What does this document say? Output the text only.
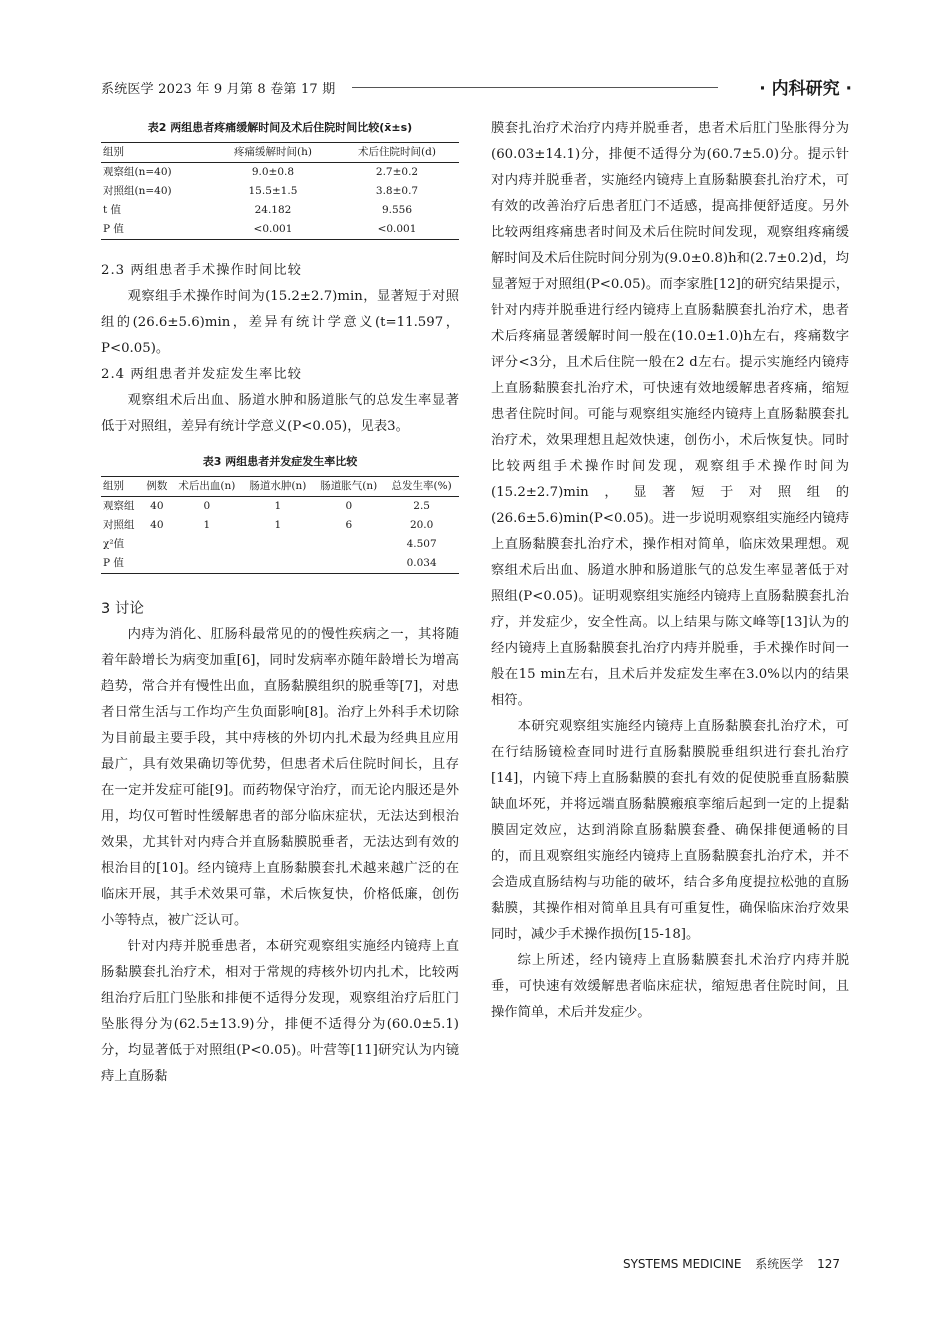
系统医学 2023 年 9 月第 8 卷第 17 期	· 内科研究 ·
表2 两组患者疼痛缓解时间及术后住院时间比较(x̄±s)
组别	疼痛缓解时间(h)	术后住院时间(d)
观察组(n=40)	9.0±0.8	2.7±0.2
对照组(n=40)	15.5±1.5	3.8±0.7
t 值	24.182	9.556
P 值	<0.001	<0.001
2.3 两组患者手术操作时间比较

观察组手术操作时间为(15.2±2.7)min，显著短于对照组的(26.6±5.6)min，差异有统计学意义(t=11.597，P<0.05)。

2.4 两组患者并发症发生率比较

观察组术后出血、肠道水肿和肠道胀气的总发生率显著低于对照组，差异有统计学意义(P<0.05)，见表3。

表3 两组患者并发症发生率比较
组别	例数	术后出血(n)	肠道水肿(n)	肠道胀气(n)	总发生率(%)
观察组	40	0	1	0	2.5
对照组	40	1	1	6	20.0
χ²值					4.507
P 值					0.034
3 讨论

内痔为消化、肛肠科最常见的的慢性疾病之一，其将随着年龄增长为病变加重[6]，同时发病率亦随年龄增长为增高趋势，常合并有慢性出血，直肠黏膜组织的脱垂等[7]，对患者日常生活与工作均产生负面影响[8]。治疗上外科手术切除为目前最主要手段，其中痔核的外切内扎术最为经典且应用最广，具有效果确切等优势，但患者术后住院时间长，且存在一定并发症可能[9]。而药物保守治疗，而无论内服还是外用，均仅可暂时性缓解患者的部分临床症状，无法达到根治效果，尤其针对内痔合并直肠黏膜脱垂者，无法达到有效的根治目的[10]。经内镜痔上直肠黏膜套扎术越来越广泛的在临床开展，其手术效果可靠，术后恢复快，价格低廉，创伤小等特点，被广泛认可。

针对内痔并脱垂患者，本研究观察组实施经内镜痔上直肠黏膜套扎治疗术，相对于常规的痔核外切内扎术，比较两组治疗后肛门坠胀和排便不适得分发现，观察组治疗后肛门坠胀得分为(62.5±13.9)分，排便不适得分为(60.0±5.1)分，均显著低于对照组(P<0.05)。叶营等[11]研究认为内镜痔上直肠黏

膜套扎治疗术治疗内痔并脱垂者，患者术后肛门坠胀得分为(60.03±14.1)分，排便不适得分为(60.7±5.0)分。提示针对内痔并脱垂者，实施经内镜痔上直肠黏膜套扎治疗术，可有效的改善治疗后患者肛门不适感，提高排便舒适度。另外比较两组疼痛患者时间及术后住院时间发现，观察组疼痛缓解时间及术后住院时间分别为(9.0±0.8)h和(2.7±0.2)d，均显著短于对照组(P<0.05)。而李家胜[12]的研究结果提示，针对内痔并脱垂进行经内镜痔上直肠黏膜套扎治疗术，患者术后疼痛显著缓解时间一般在(10.0±1.0)h左右，疼痛数字评分<3分，且术后住院一般在2 d左右。提示实施经内镜痔上直肠黏膜套扎治疗术，可快速有效地缓解患者疼痛，缩短患者住院时间。可能与观察组实施经内镜痔上直肠黏膜套扎治疗术，效果理想且起效快速，创伤小，术后恢复快。同时比较两组手术操作时间发现，观察组手术操作时间为(15.2±2.7)min，显著短于对照组的(26.6±5.6)min(P<0.05)。进一步说明观察组实施经内镜痔上直肠黏膜套扎治疗术，操作相对简单，临床效果理想。观察组术后出血、肠道水肿和肠道胀气的总发生率显著低于对照组(P<0.05)。证明观察组实施经内镜痔上直肠黏膜套扎治疗，并发症少，安全性高。以上结果与陈文峰等[13]认为的经内镜痔上直肠黏膜套扎治疗内痔并脱垂，手术操作时间一般在15 min左右，且术后并发症发生率在3.0%以内的结果相符。

本研究观察组实施经内镜痔上直肠黏膜套扎治疗术，可在行结肠镜检查同时进行直肠黏膜脱垂组织进行套扎治疗[14]，内镜下痔上直肠黏膜的套扎有效的促使脱垂直肠黏膜缺血坏死，并将远端直肠黏膜瘢痕挛缩后起到一定的上提黏膜固定效应，达到消除直肠黏膜套叠、确保排便通畅的目的，而且观察组实施经内镜痔上直肠黏膜套扎治疗术，并不会造成直肠结构与功能的破坏，结合多角度提拉松弛的直肠黏膜，其操作相对简单且具有可重复性，确保临床治疗效果同时，减少手术操作损伤[15-18]。

综上所述，经内镜痔上直肠黏膜套扎术治疗内痔并脱垂，可快速有效缓解患者临床症状，缩短患者住院时间，且操作简单，术后并发症少。

SYSTEMS MEDICINE 系统医学 127
